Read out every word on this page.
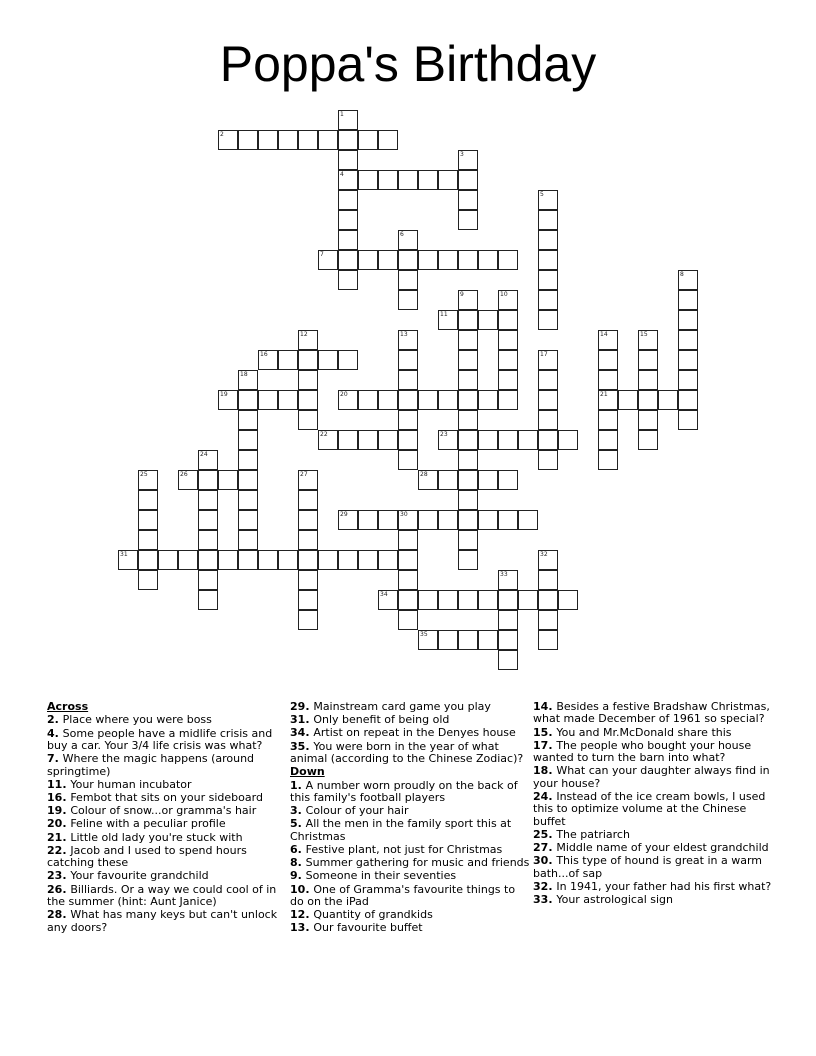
Poppa's Birthday
1
4
2
3
5
6
7
8
9	10
11
12	13	14
21
15
16	17
18
19	20
22	23
24
25	26	27	28
29	30
31	32
33
34
35
Across
2. Place where you were boss
4. Some people have a midlife crisis and buy a car. Your 3/4 life crisis was what?
7. Where the magic happens (around springtime)
11. Your human incubator
16. Fembot that sits on your sideboard
19. Colour of snow...or gramma's hair
20. Feline with a peculiar profile
21. Little old lady you're stuck with
22. Jacob and I used to spend hours catching these
23. Your favourite grandchild
26. Billiards. Or a way we could cool of in the summer (hint: Aunt Janice)
28. What has many keys but can't unlock any doors?
29. Mainstream card game you play
31. Only benefit of being old
34. Artist on repeat in the Denyes house
35. You were born in the year of what animal (according to the Chinese Zodiac)?
Down
1. A number worn proudly on the back of this family's football players
3. Colour of your hair
5. All the men in the family sport this at Christmas
6. Festive plant, not just for Christmas
8. Summer gathering for music and friends
9. Someone in their seventies
10. One of Gramma's favourite things to do on the iPad
12. Quantity of grandkids
13. Our favourite buffet
14. Besides a festive Bradshaw Christmas, what made December of 1961 so special?
15. You and Mr.McDonald share this
17. The people who bought your house wanted to turn the barn into what?
18. What can your daughter always find in your house?
24. Instead of the ice cream bowls, I used this to optimize volume at the Chinese buffet
25. The patriarch
27. Middle name of your eldest grandchild
30. This type of hound is great in a warm bath...of sap
32. In 1941, your father had his first what?
33. Your astrological sign
